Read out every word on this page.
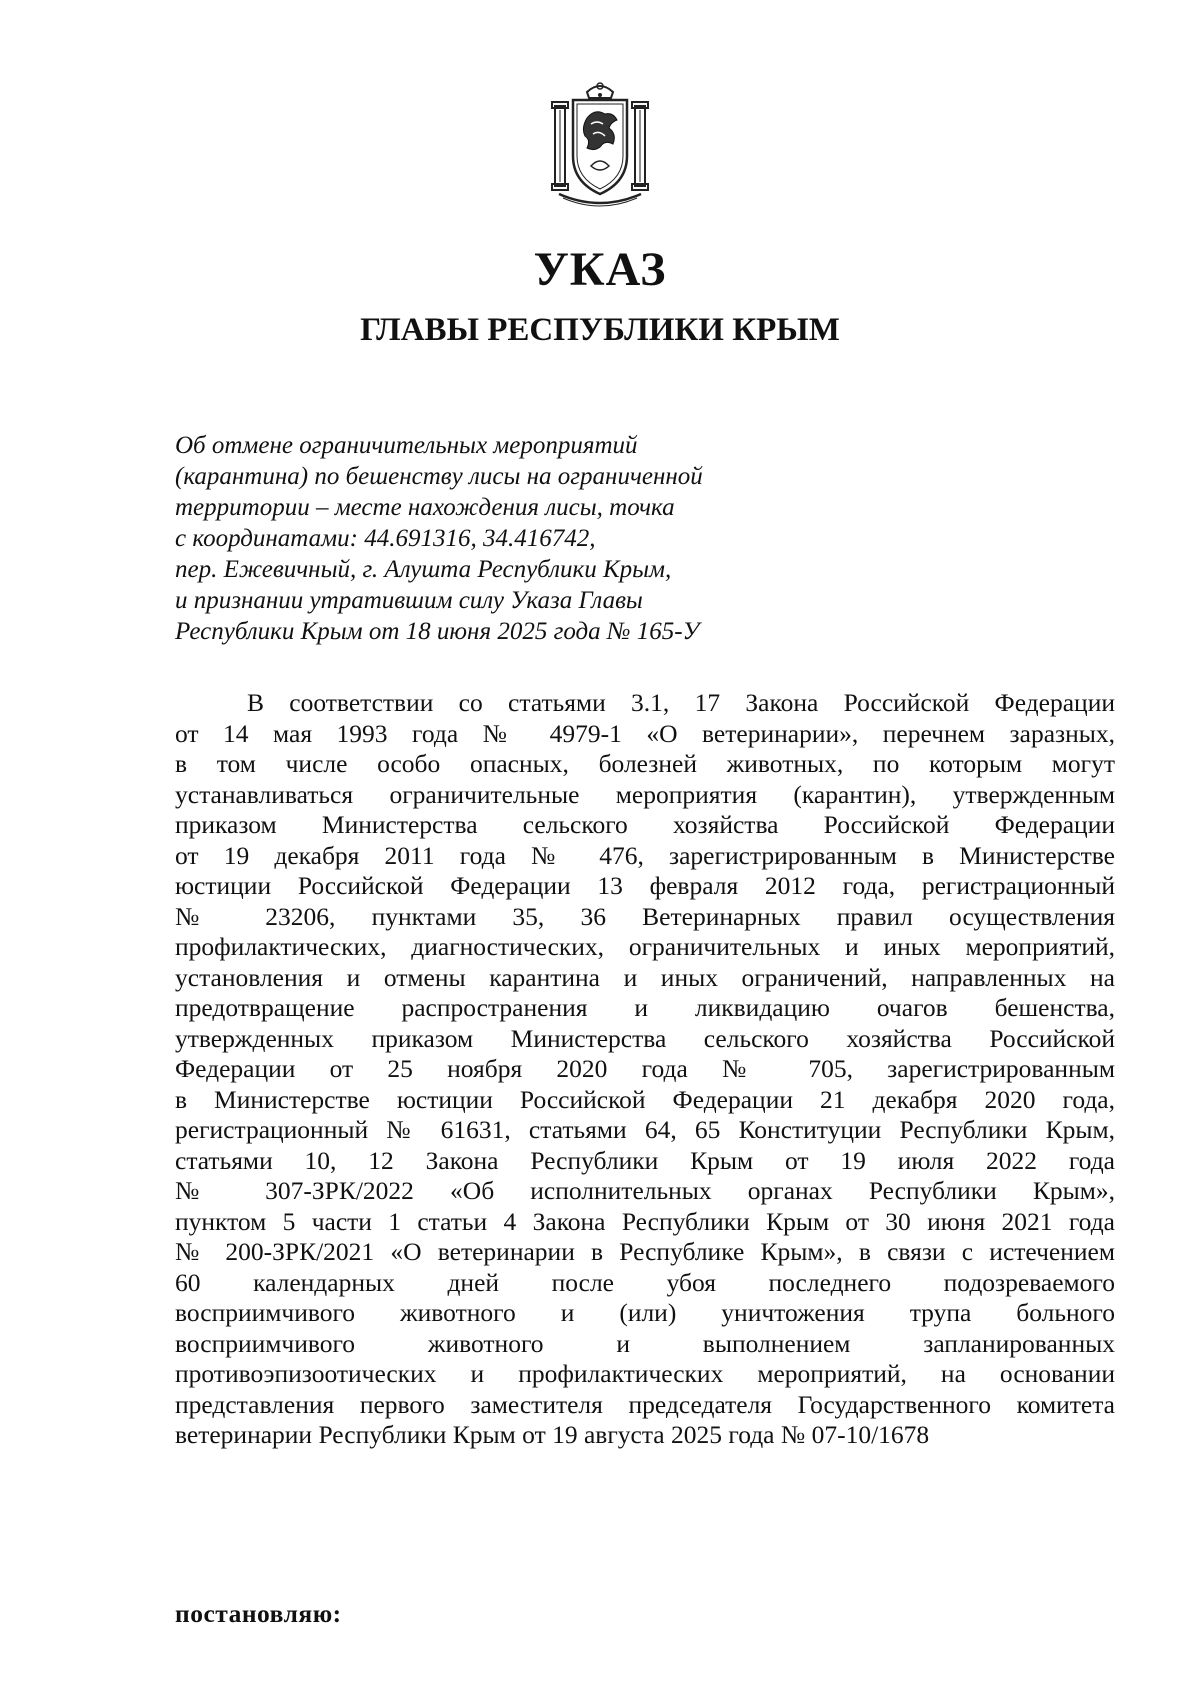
УКАЗ
ГЛАВЫ РЕСПУБЛИКИ КРЫМ
Об отмене ограничительных мероприятий
(карантина) по бешенству лисы на ограниченной
территории – месте нахождения лисы, точка
с координатами: 44.691316, 34.416742,
пер. Ежевичный, г. Алушта Республики Крым,
и признании утратившим силу Указа Главы
Республики Крым от 18 июня 2025 года № 165-У
В соответствии со статьями 3.1, 17 Закона Российской Федерации
от 14 мая 1993 года № 4979-1 «О ветеринарии», перечнем заразных,
в том числе особо опасных, болезней животных, по которым могут
устанавливаться ограничительные мероприятия (карантин), утвержденным
приказом Министерства сельского хозяйства Российской Федерации
от 19 декабря 2011 года № 476, зарегистрированным в Министерстве
юстиции Российской Федерации 13 февраля 2012 года, регистрационный
№ 23206, пунктами 35, 36 Ветеринарных правил осуществления
профилактических, диагностических, ограничительных и иных мероприятий,
установления и отмены карантина и иных ограничений, направленных на
предотвращение распространения и ликвидацию очагов бешенства,
утвержденных приказом Министерства сельского хозяйства Российской
Федерации от 25 ноября 2020 года № 705, зарегистрированным
в Министерстве юстиции Российской Федерации 21 декабря 2020 года,
регистрационный № 61631, статьями 64, 65 Конституции Республики Крым,
статьями 10, 12 Закона Республики Крым от 19 июля 2022 года
№ 307-ЗРК/2022 «Об исполнительных органах Республики Крым»,
пунктом 5 части 1 статьи 4 Закона Республики Крым от 30 июня 2021 года
№ 200-ЗРК/2021 «О ветеринарии в Республике Крым», в связи с истечением
60 календарных дней после убоя последнего подозреваемого
восприимчивого животного и (или) уничтожения трупа больного
восприимчивого животного и выполнением запланированных
противоэпизоотических и профилактических мероприятий, на основании
представления первого заместителя председателя Государственного комитета
ветеринарии Республики Крым от 19 августа 2025 года № 07-10/1678
постановляю:
